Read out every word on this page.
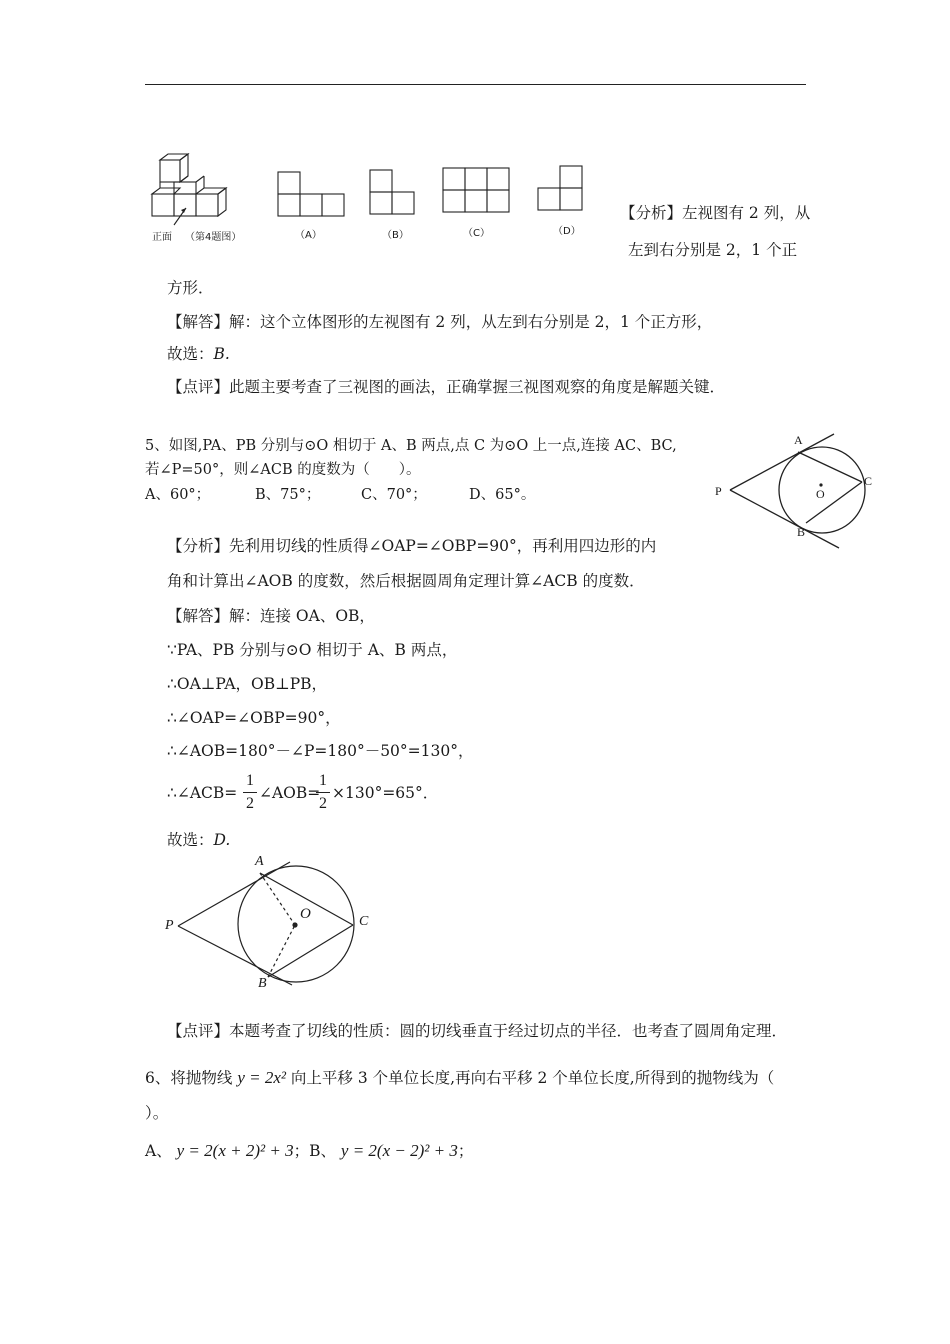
正面 （第4题图）	（A）	（B）	（C）	（D）
【分析】左视图有 2 列，从
左到右分别是 2，1 个正
方形．
【解答】解：这个立体图形的左视图有 2 列，从左到右分别是 2，1 个正方形，
故选：B.
【点评】此题主要考查了三视图的画法，正确掌握三视图观察的角度是解题关键．
5、如图,PA、PB 分别与⊙O 相切于 A、B 两点,点 C 为⊙O 上一点,连接 AC、BC,
若∠P=50°，则∠ACB 的度数为（　　）。
A、60°；	B、75°；	C、70°；	D、65°。
A
B
C
P	O
【分析】先利用切线的性质得∠OAP=∠OBP=90°，再利用四边形的内
角和计算出∠AOB 的度数，然后根据圆周角定理计算∠ACB 的度数．
【解答】解：连接 OA、OB，
∵PA、PB 分别与⊙O 相切于 A、B 两点，
∴OA⊥PA，OB⊥PB，
∴∠OAP=∠OBP=90°，
∴∠AOB=180°－∠P=180°－50°=130°，
∴∠ACB=
1
2
∠AOB=
1
2
×130°=65°．
故选：D.
A
B
C
P
O
【点评】本题考查了切线的性质：圆的切线垂直于经过切点的半径．也考查了圆周角定理．
6、将抛物线 y = 2x² 向上平移 3 个单位长度,再向右平移 2 个单位长度,所得到的抛物线为（
）。
A、 y = 2(x + 2)² + 3；B、 y = 2(x − 2)² + 3；
